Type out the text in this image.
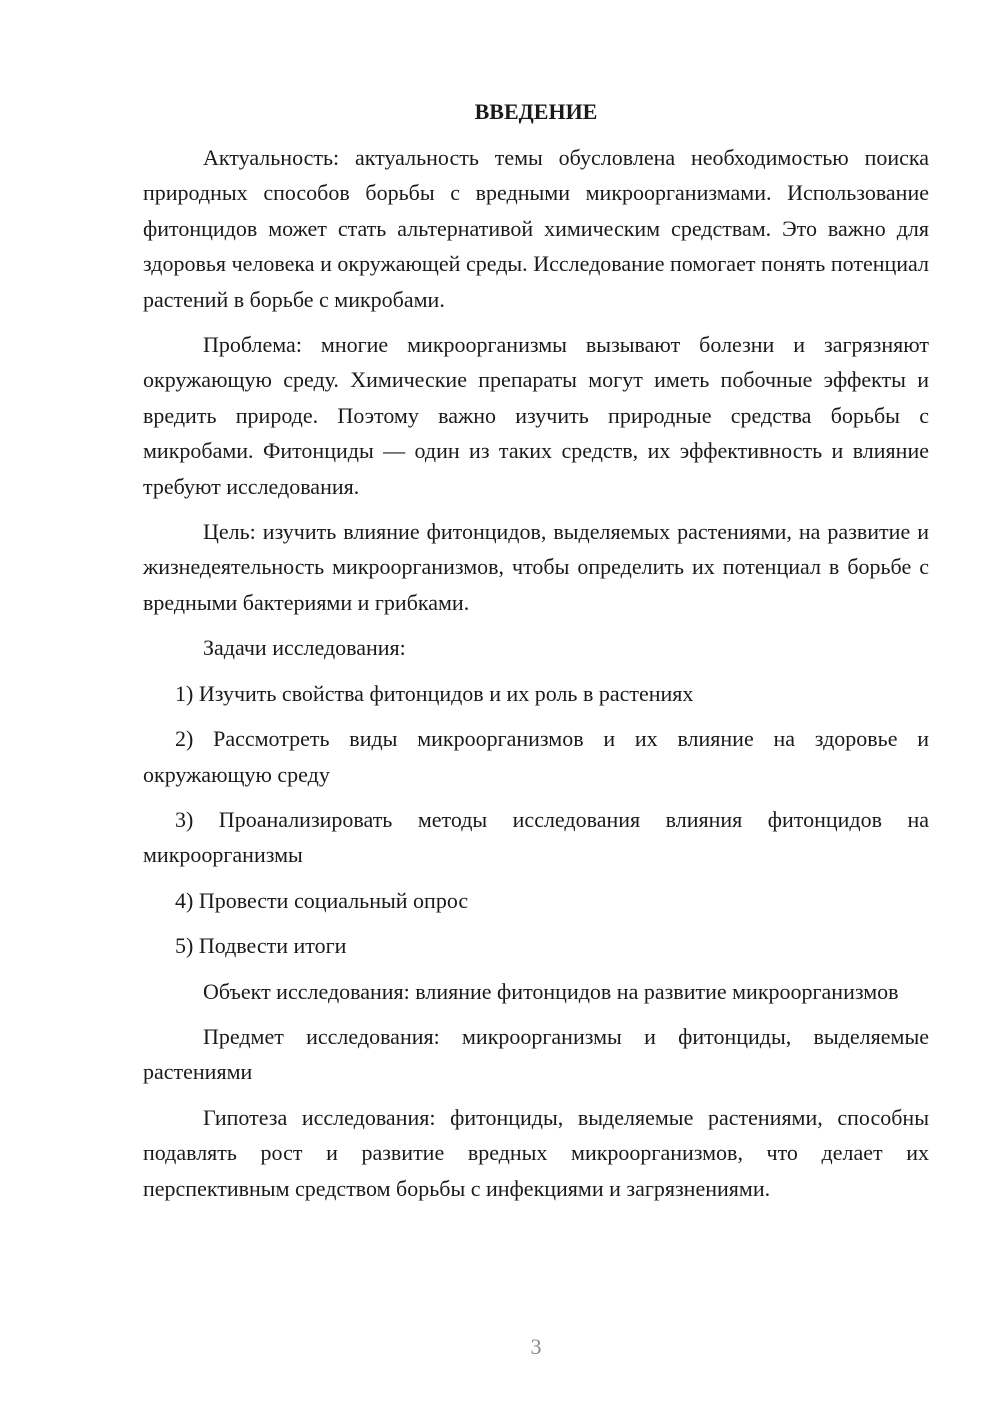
ВВЕДЕНИЕ

Актуальность: актуальность темы обусловлена необходимостью поиска природных способов борьбы с вредными микроорганизмами. Использование фитонцидов может стать альтернативой химическим средствам. Это важно для здоровья человека и окружающей среды. Исследование помогает понять потенциал растений в борьбе с микробами.

Проблема: многие микроорганизмы вызывают болезни и загрязняют окружающую среду. Химические препараты могут иметь побочные эффекты и вредить природе. Поэтому важно изучить природные средства борьбы с микробами. Фитонциды — один из таких средств, их эффективность и влияние требуют исследования.

Цель: изучить влияние фитонцидов, выделяемых растениями, на развитие и жизнедеятельность микроорганизмов, чтобы определить их потенциал в борьбе с вредными бактериями и грибками.

Задачи исследования:

1) Изучить свойства фитонцидов и их роль в растениях

2) Рассмотреть виды микроорганизмов и их влияние на здоровье и окружающую среду

3) Проанализировать методы исследования влияния фитонцидов на микроорганизмы

4) Провести социальный опрос

5) Подвести итоги

Объект исследования: влияние фитонцидов на развитие микроорганизмов

Предмет исследования: микроорганизмы и фитонциды, выделяемые растениями

Гипотеза исследования: фитонциды, выделяемые растениями, способны подавлять рост и развитие вредных микроорганизмов, что делает их перспективным средством борьбы с инфекциями и загрязнениями.

3
